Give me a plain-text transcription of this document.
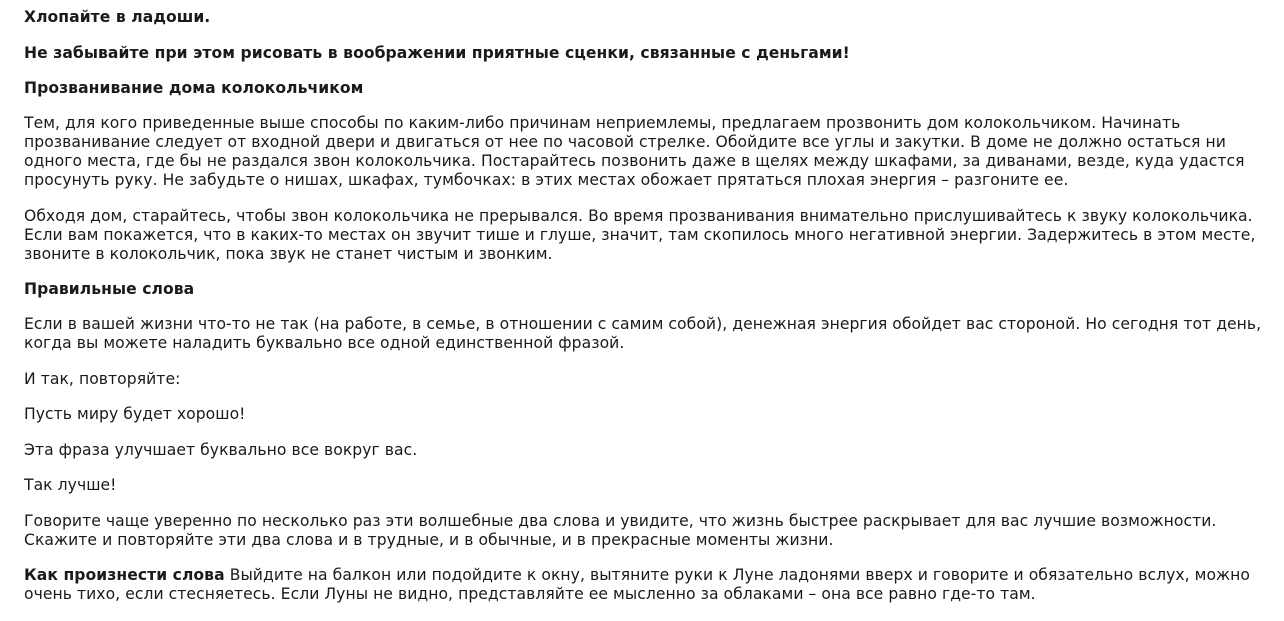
Хлопайте в ладоши.

Не забывайте при этом рисовать в воображении приятные сценки, связанные с деньгами!

Прозванивание дома колокольчиком

Тем, для кого приведенные выше способы по каким-либо причинам неприемлемы, предлагаем прозвонить дом колокольчиком. Начинать прозванивание следует от входной двери и двигаться от нее по часовой стрелке. Обойдите все углы и закутки. В доме не должно остаться ни одного места, где бы не раздался звон колокольчика. Постарайтесь позвонить даже в щелях между шкафами, за диванами, везде, куда удастся просунуть руку. Не забудьте о нишах, шкафах, тумбочках: в этих местах обожает прятаться плохая энергия – разгоните ее.

Обходя дом, старайтесь, чтобы звон колокольчика не прерывался. Во время прозванивания внимательно прислушивайтесь к звуку колокольчика. Если вам покажется, что в каких-то местах он звучит тише и глуше, значит, там скопилось много негативной энергии. Задержитесь в этом месте, звоните в колокольчик, пока звук не станет чистым и звонким.

Правильные слова

Если в вашей жизни что-то не так (на работе, в семье, в отношении с самим собой), денежная энергия обойдет вас стороной. Но сегодня тот день, когда вы можете наладить буквально все одной единственной фразой.

И так, повторяйте:

Пусть миру будет хорошо!

Эта фраза улучшает буквально все вокруг вас.

Так лучше!

Говорите чаще уверенно по несколько раз эти волшебные два слова и увидите, что жизнь быстрее раскрывает для вас лучшие возможности. Скажите и повторяйте эти два слова и в трудные, и в обычные, и в прекрасные моменты жизни.

Как произнести слова Выйдите на балкон или подойдите к окну, вытяните руки к Луне ладонями вверх и говорите и обязательно вслух, можно очень тихо, если стесняетесь. Если Луны не видно, представляйте ее мысленно за облаками – она все равно где-то там.
